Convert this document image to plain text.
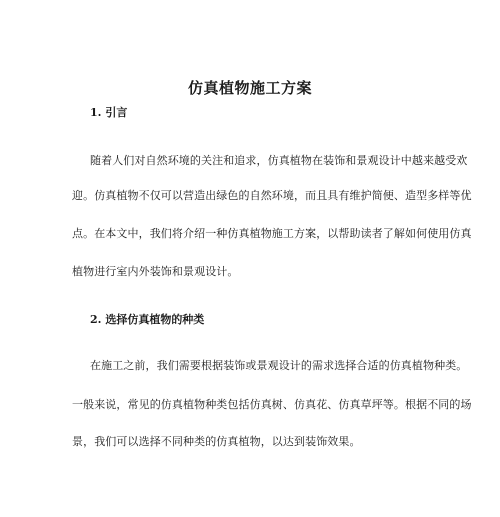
仿真植物施工方案
1. 引言
随着人们对自然环境的关注和追求，仿真植物在装饰和景观设计中越来越受欢
迎。仿真植物不仅可以营造出绿色的自然环境，而且具有维护简便、造型多样等优
点。在本文中，我们将介绍一种仿真植物施工方案，以帮助读者了解如何使用仿真
植物进行室内外装饰和景观设计。
2. 选择仿真植物的种类
在施工之前，我们需要根据装饰或景观设计的需求选择合适的仿真植物种类。
一般来说，常见的仿真植物种类包括仿真树、仿真花、仿真草坪等。根据不同的场
景，我们可以选择不同种类的仿真植物，以达到装饰效果。
